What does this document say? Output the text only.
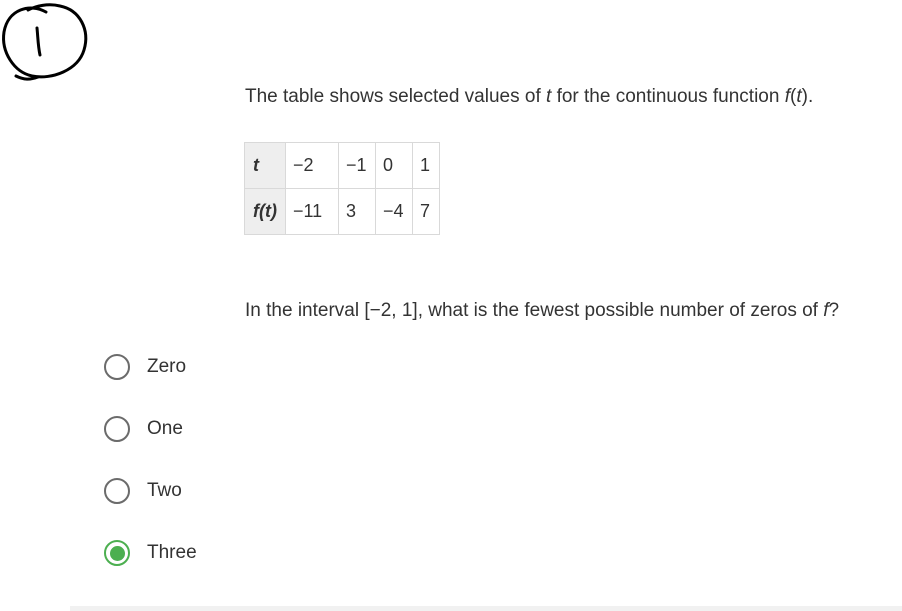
The table shows selected values of t for the continuous function f(t).
t	−2	−1	0	1
f(t)	−11	3	−4	7
In the interval [−2, 1], what is the fewest possible number of zeros of f?
Zero
One
Two
Three
